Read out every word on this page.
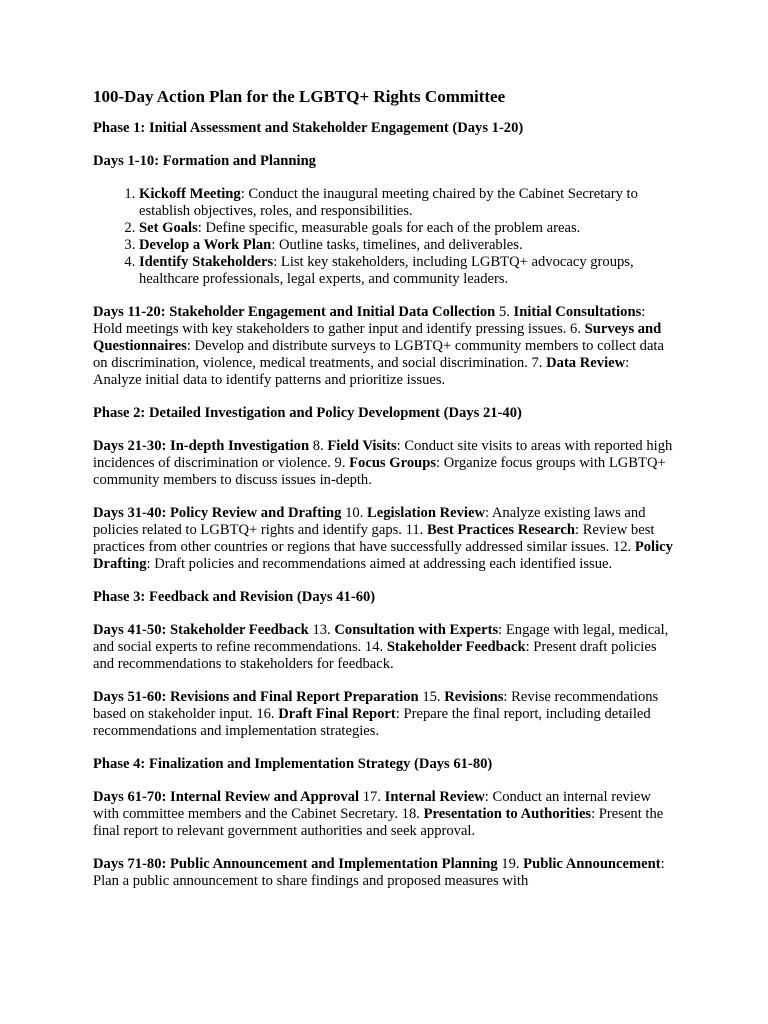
100-Day Action Plan for the LGBTQ+ Rights Committee
Phase 1: Initial Assessment and Stakeholder Engagement (Days 1-20)
Days 1-10: Formation and Planning
1. Kickoff Meeting: Conduct the inaugural meeting chaired by the Cabinet Secretary to establish objectives, roles, and responsibilities.
2. Set Goals: Define specific, measurable goals for each of the problem areas.
3. Develop a Work Plan: Outline tasks, timelines, and deliverables.
4. Identify Stakeholders: List key stakeholders, including LGBTQ+ advocacy groups, healthcare professionals, legal experts, and community leaders.

Days 11-20: Stakeholder Engagement and Initial Data Collection 5. Initial Consultations: Hold meetings with key stakeholders to gather input and identify pressing issues. 6. Surveys and Questionnaires: Develop and distribute surveys to LGBTQ+ community members to collect data on discrimination, violence, medical treatments, and social discrimination. 7. Data Review: Analyze initial data to identify patterns and prioritize issues.

Phase 2: Detailed Investigation and Policy Development (Days 21-40)

Days 21-30: In-depth Investigation 8. Field Visits: Conduct site visits to areas with reported high incidences of discrimination or violence. 9. Focus Groups: Organize focus groups with LGBTQ+ community members to discuss issues in-depth.

Days 31-40: Policy Review and Drafting 10. Legislation Review: Analyze existing laws and policies related to LGBTQ+ rights and identify gaps. 11. Best Practices Research: Review best practices from other countries or regions that have successfully addressed similar issues. 12. Policy Drafting: Draft policies and recommendations aimed at addressing each identified issue.

Phase 3: Feedback and Revision (Days 41-60)

Days 41-50: Stakeholder Feedback 13. Consultation with Experts: Engage with legal, medical, and social experts to refine recommendations. 14. Stakeholder Feedback: Present draft policies and recommendations to stakeholders for feedback.

Days 51-60: Revisions and Final Report Preparation 15. Revisions: Revise recommendations based on stakeholder input. 16. Draft Final Report: Prepare the final report, including detailed recommendations and implementation strategies.

Phase 4: Finalization and Implementation Strategy (Days 61-80)

Days 61-70: Internal Review and Approval 17. Internal Review: Conduct an internal review with committee members and the Cabinet Secretary. 18. Presentation to Authorities: Present the final report to relevant government authorities and seek approval.

Days 71-80: Public Announcement and Implementation Planning 19. Public Announcement: Plan a public announcement to share findings and proposed measures with
